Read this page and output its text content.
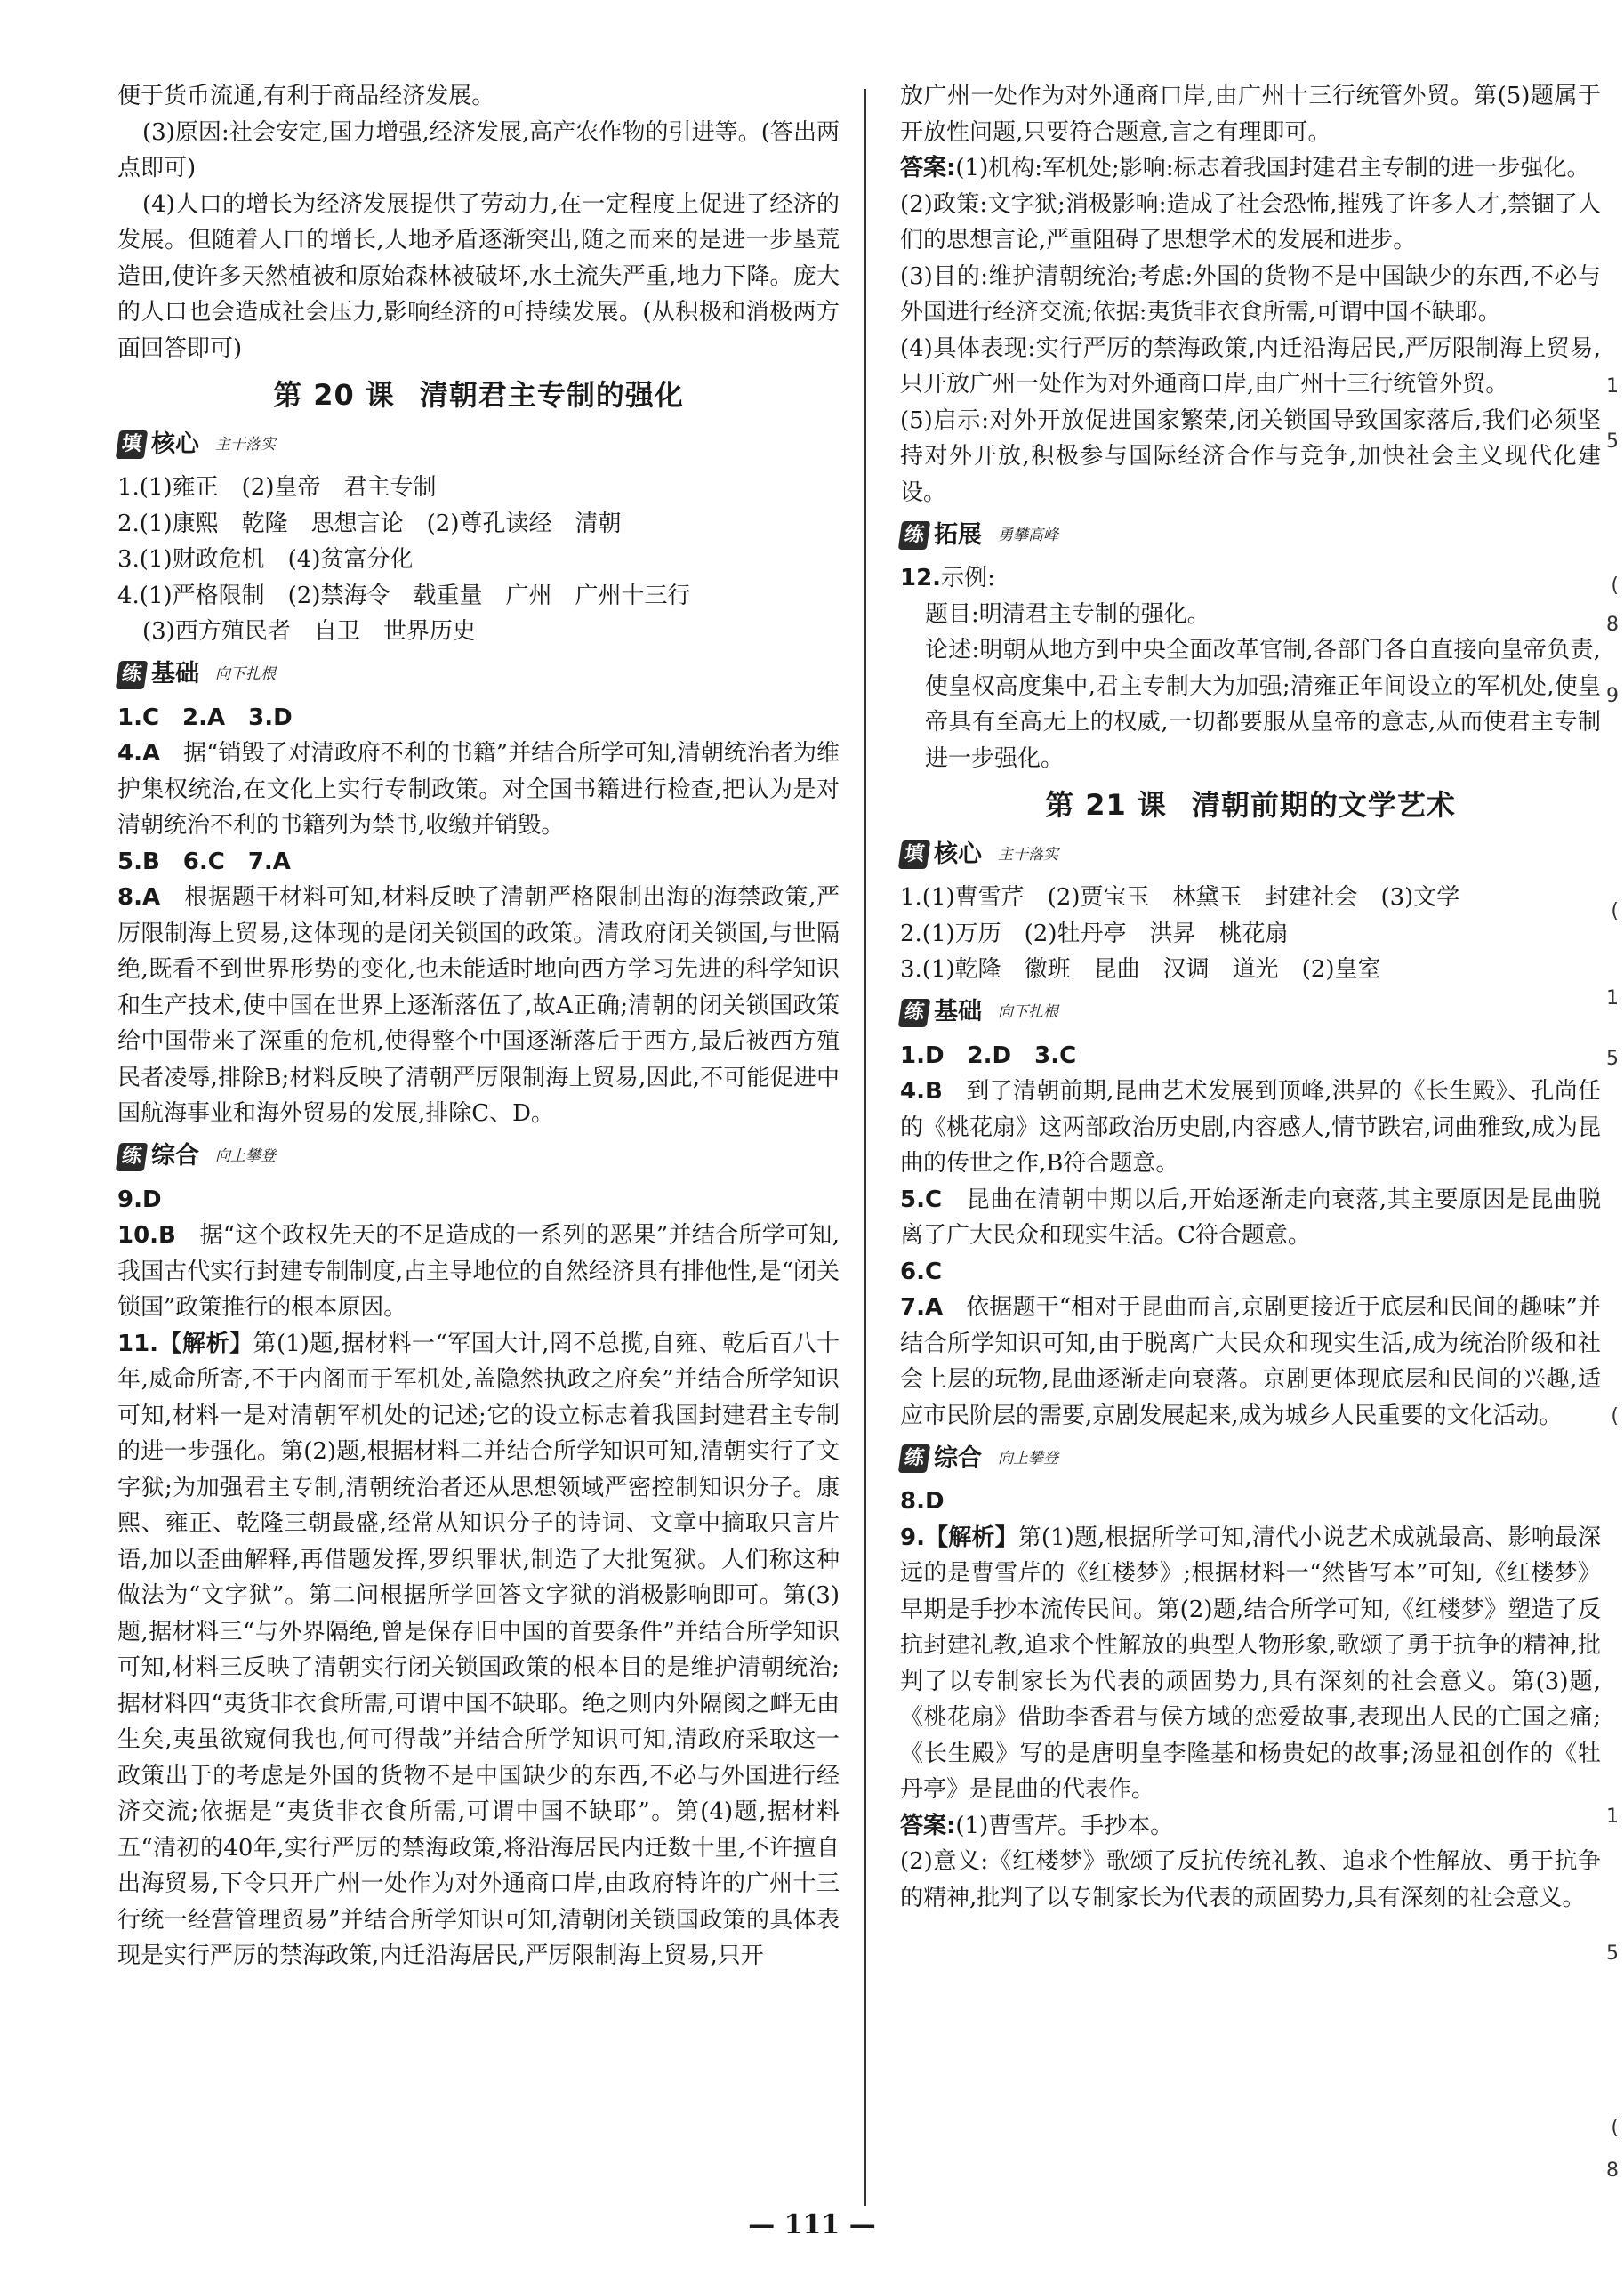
便于货币流通,有利于商品经济发展。

(3)原因:社会安定,国力增强,经济发展,高产农作物的引进等。(答出两点即可)

(4)人口的增长为经济发展提供了劳动力,在一定程度上促进了经济的发展。但随着人口的增长,人地矛盾逐渐突出,随之而来的是进一步垦荒造田,使许多天然植被和原始森林被破坏,水土流失严重,地力下降。庞大的人口也会造成社会压力,影响经济的可持续发展。(从积极和消极两方面回答即可)

第 20 课 清朝君主专制的强化
填 核心 主干落实

1.(1)雍正　(2)皇帝　君主专制

2.(1)康熙　乾隆　思想言论　(2)尊孔读经　清朝

3.(1)财政危机　(4)贫富分化

4.(1)严格限制　(2)禁海令　载重量　广州　广州十三行

(3)西方殖民者　自卫　世界历史

练 基础 向下扎根

1.C　2.A　3.D

4.A　 据“销毁了对清政府不利的书籍”并结合所学可知,清朝统治者为维护集权统治,在文化上实行专制政策。对全国书籍进行检查,把认为是对清朝统治不利的书籍列为禁书,收缴并销毁。

5.B　6.C　7.A

8.A　 根据题干材料可知,材料反映了清朝严格限制出海的海禁政策,严厉限制海上贸易,这体现的是闭关锁国的政策。清政府闭关锁国,与世隔绝,既看不到世界形势的变化,也未能适时地向西方学习先进的科学知识和生产技术,使中国在世界上逐渐落伍了,故A正确;清朝的闭关锁国政策给中国带来了深重的危机,使得整个中国逐渐落后于西方,最后被西方殖民者凌辱,排除B;材料反映了清朝严厉限制海上贸易,因此,不可能促进中国航海事业和海外贸易的发展,排除C、D。

练 综合 向上攀登

9.D

10.B　 据“这个政权先天的不足造成的一系列的恶果”并结合所学可知,我国古代实行封建专制制度,占主导地位的自然经济具有排他性,是“闭关锁国”政策推行的根本原因。

11.【解析】第(1)题,据材料一“军国大计,罔不总揽,自雍、乾后百八十年,威命所寄,不于内阁而于军机处,盖隐然执政之府矣”并结合所学知识可知,材料一是对清朝军机处的记述;它的设立标志着我国封建君主专制的进一步强化。第(2)题,根据材料二并结合所学知识可知,清朝实行了文字狱;为加强君主专制,清朝统治者还从思想领域严密控制知识分子。康熙、雍正、乾隆三朝最盛,经常从知识分子的诗词、文章中摘取只言片语,加以歪曲解释,再借题发挥,罗织罪状,制造了大批冤狱。人们称这种做法为“文字狱”。第二问根据所学回答文字狱的消极影响即可。第(3)题,据材料三“与外界隔绝,曾是保存旧中国的首要条件”并结合所学知识可知,材料三反映了清朝实行闭关锁国政策的根本目的是维护清朝统治;据材料四“夷货非衣食所需,可谓中国不缺耶。绝之则内外隔阂之衅无由生矣,夷虽欲窥伺我也,何可得哉”并结合所学知识可知,清政府采取这一政策出于的考虑是外国的货物不是中国缺少的东西,不必与外国进行经济交流;依据是“夷货非衣食所需,可谓中国不缺耶”。第(4)题,据材料五“清初的40年,实行严厉的禁海政策,将沿海居民内迁数十里,不许擅自出海贸易,下令只开广州一处作为对外通商口岸,由政府特许的广州十三行统一经营管理贸易”并结合所学知识可知,清朝闭关锁国政策的具体表现是实行严厉的禁海政策,内迁沿海居民,严厉限制海上贸易,只开

放广州一处作为对外通商口岸,由广州十三行统管外贸。第(5)题属于开放性问题,只要符合题意,言之有理即可。

答案:(1)机构:军机处;影响:标志着我国封建君主专制的进一步强化。

(2)政策:文字狱;消极影响:造成了社会恐怖,摧残了许多人才,禁锢了人们的思想言论,严重阻碍了思想学术的发展和进步。

(3)目的:维护清朝统治;考虑:外国的货物不是中国缺少的东西,不必与外国进行经济交流;依据:夷货非衣食所需,可谓中国不缺耶。

(4)具体表现:实行严厉的禁海政策,内迁沿海居民,严厉限制海上贸易,只开放广州一处作为对外通商口岸,由广州十三行统管外贸。

(5)启示:对外开放促进国家繁荣,闭关锁国导致国家落后,我们必须坚持对外开放,积极参与国际经济合作与竞争,加快社会主义现代化建设。

练 拓展 勇攀高峰

12.示例:

题目:明清君主专制的强化。

论述:明朝从地方到中央全面改革官制,各部门各自直接向皇帝负责,使皇权高度集中,君主专制大为加强;清雍正年间设立的军机处,使皇帝具有至高无上的权威,一切都要服从皇帝的意志,从而使君主专制进一步强化。

第 21 课 清朝前期的文学艺术
填 核心 主干落实

1.(1)曹雪芹　(2)贾宝玉　林黛玉　封建社会　(3)文学

2.(1)万历　(2)牡丹亭　洪昇　桃花扇

3.(1)乾隆　徽班　昆曲　汉调　道光　(2)皇室

练 基础 向下扎根

1.D　2.D　3.C

4.B　 到了清朝前期,昆曲艺术发展到顶峰,洪昇的《长生殿》、孔尚任的《桃花扇》这两部政治历史剧,内容感人,情节跌宕,词曲雅致,成为昆曲的传世之作,B符合题意。

5.C　 昆曲在清朝中期以后,开始逐渐走向衰落,其主要原因是昆曲脱离了广大民众和现实生活。C符合题意。

6.C

7.A　 依据题干“相对于昆曲而言,京剧更接近于底层和民间的趣味”并结合所学知识可知,由于脱离广大民众和现实生活,成为统治阶级和社会上层的玩物,昆曲逐渐走向衰落。京剧更体现底层和民间的兴趣,适应市民阶层的需要,京剧发展起来,成为城乡人民重要的文化活动。

练 综合 向上攀登

8.D

9.【解析】第(1)题,根据所学可知,清代小说艺术成就最高、影响最深远的是曹雪芹的《红楼梦》;根据材料一“然皆写本”可知,《红楼梦》早期是手抄本流传民间。第(2)题,结合所学可知,《红楼梦》塑造了反抗封建礼教,追求个性解放的典型人物形象,歌颂了勇于抗争的精神,批判了以专制家长为代表的顽固势力,具有深刻的社会意义。第(3)题,《桃花扇》借助李香君与侯方域的恋爱故事,表现出人民的亡国之痛;《长生殿》写的是唐明皇李隆基和杨贵妃的故事;汤显祖创作的《牡丹亭》是昆曲的代表作。

答案:(1)曹雪芹。手抄本。

(2)意义:《红楼梦》歌颂了反抗传统礼教、追求个性解放、勇于抗争的精神,批判了以专制家长为代表的顽固势力,具有深刻的社会意义。

1
5
(
8
9
(
1
5
(
1
5
(
8
— 111 —
